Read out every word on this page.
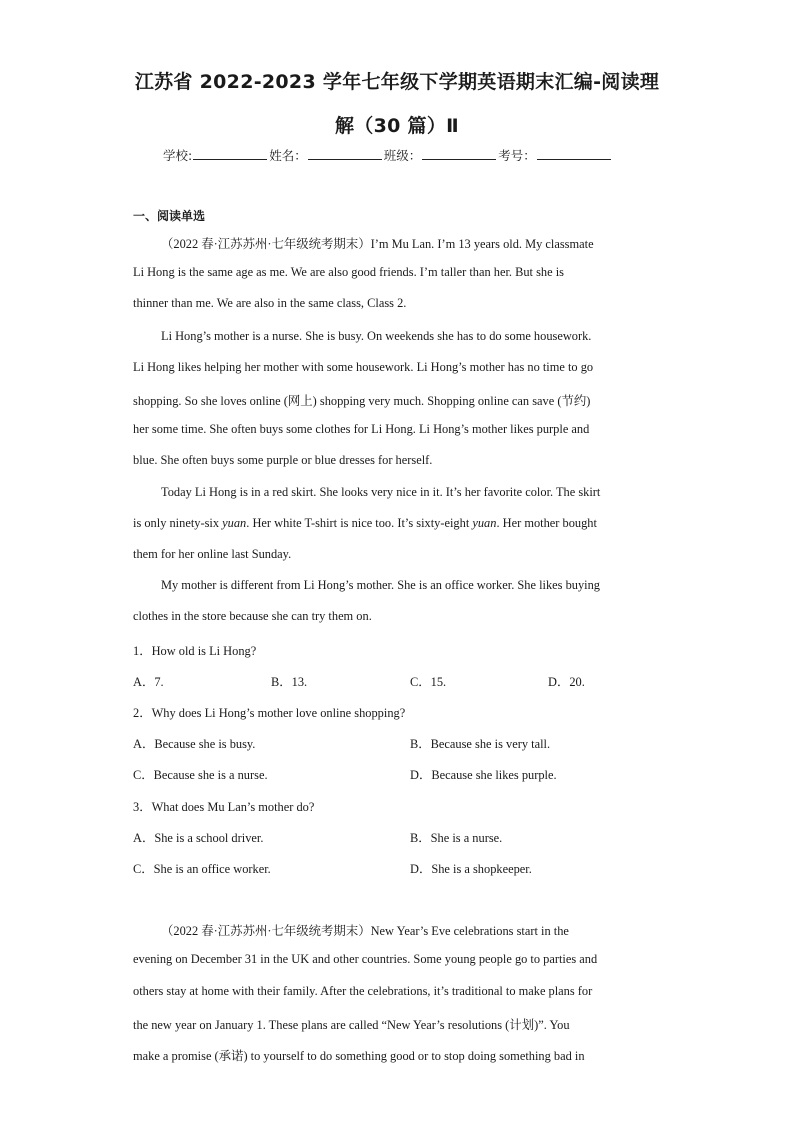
江苏省 2022-2023 学年七年级下学期英语期末汇编-阅读理
解（30 篇）Ⅱ
学校:	姓名：	班级：	考号：
一、阅读单选
（2022 春·江苏苏州·七年级统考期末）I’m Mu Lan. I’m 13 years old. My classmate
Li Hong is the same age as me. We are also good friends. I’m taller than her. But she is
thinner than me. We are also in the same class, Class 2.
Li Hong’s mother is a nurse. She is busy. On weekends she has to do some housework.
Li Hong likes helping her mother with some housework. Li Hong’s mother has no time to go
shopping. So she loves online (网上) shopping very much. Shopping online can save (节约)
her some time. She often buys some clothes for Li Hong. Li Hong’s mother likes purple and
blue. She often buys some purple or blue dresses for herself.
Today Li Hong is in a red skirt. She looks very nice in it. It’s her favorite color. The skirt
is only ninety-six yuan. Her white T-shirt is nice too. It’s sixty-eight yuan. Her mother bought
them for her online last Sunday.
My mother is different from Li Hong’s mother. She is an office worker. She likes buying
clothes in the store because she can try them on.
1．How old is Li Hong?
A．7.	B．13.	C．15.	D．20.
2．Why does Li Hong’s mother love online shopping?
A．Because she is busy.	B．Because she is very tall.
C．Because she is a nurse.	D．Because she likes purple.
3．What does Mu Lan’s mother do?
A．She is a school driver.	B．She is a nurse.
C．She is an office worker.	D．She is a shopkeeper.
（2022 春·江苏苏州·七年级统考期末）New Year’s Eve celebrations start in the
evening on December 31 in the UK and other countries. Some young people go to parties and
others stay at home with their family. After the celebrations, it’s traditional to make plans for
the new year on January 1. These plans are called “New Year’s resolutions (计划)”. You
make a promise (承诺) to yourself to do something good or to stop doing something bad in
